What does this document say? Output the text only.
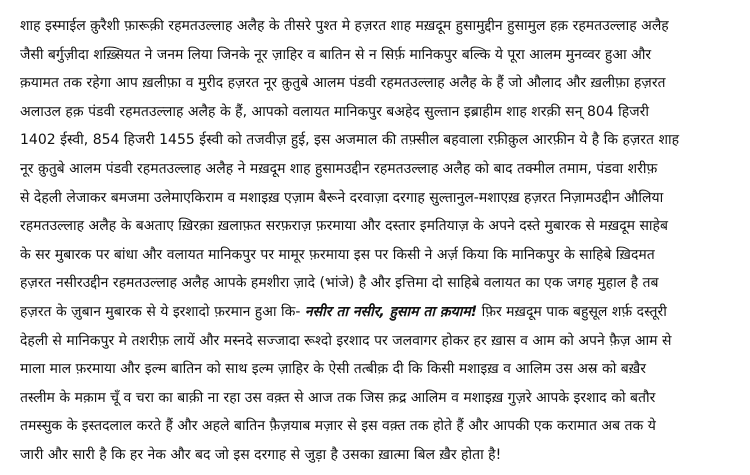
शाह इस्माईल क़ुरैशी फ़ारूक़ी रहमतउल्लाह अलैह के तीसरे पुश्त मे हज़रत शाह मख़दूम हुसामुद्दीन हुसामुल हक़ रहमतउल्लाह अलैह
जैसी बर्गुज़ीदा शख़्सियत ने जनम लिया जिनके नूर ज़ाहिर व बातिन से न सिर्फ़ मानिकपुर बल्कि ये पूरा आलम मुनव्वर हुआ और
क़यामत तक रहेगा आप ख़लीफ़ा व मुरीद हज़रत नूर क़ुतुबे आलम पंडवी रहमतउल्लाह अलैह के हैं जो औलाद और ख़लीफ़ा हज़रत
अलाउल हक़ पंडवी रहमतउल्लाह अलैह के हैं, आपको वलायत मानिकपुर बअहेद सुल्तान इब्राहीम शाह शरक़ी सन् 804 हिजरी
1402 ईस्वी, 854 हिजरी 1455 ईस्वी को तजवीज़ हुई, इस अजमाल की तफ़्सील बहवाला रफ़ीक़ुल आरफ़ीन ये है कि हज़रत शाह
नूर क़ुतुबे आलम पंडवी रहमतउल्लाह अलैह ने मख़दूम शाह हुसामउद्दीन रहमतउल्लाह अलैह को बाद तक्मील तमाम, पंडवा शरीफ़
से देहली लेजाकर बमजमा उलेमाएकिराम व मशाइख़ एज़ाम बैरूने दरवाज़ा दरगाह सुल्तानुल-मशाएख़ हज़रत निज़ामउद्दीन औलिया
रहमतउल्लाह अलैह के बअताए ख़िरक़ा ख़लाफ़त सरफ़राज़ फ़रमाया और दस्तार इमतियाज़ के अपने दस्ते मुबारक से मख़दूम साहेब
के सर मुबारक पर बांधा और वलायत मानिकपुर पर मामूर फ़रमाया इस पर किसी ने अर्ज़ किया कि मानिकपुर के साहिबे ख़िदमत
हज़रत नसीरउद्दीन रहमतउल्लाह अलैह आपके हमशीरा ज़ादे (भांजे) है और इत्तिमा दो साहिबे वलायत का एक जगह मुहाल है तब
हज़रत के ज़ुबान मुबारक से ये इरशादो फ़रमान हुआ कि- नसीर ता नसीर, हुसाम ता क़याम! फ़िर मख़दूम पाक बहुसूल शर्फ़ दस्तूरी
देहली से मानिकपुर मे तशरीफ़ लायें और मस्नदे सज्जादा रूश्दो इरशाद पर जलवागर होकर हर ख़ास व आम को अपने फ़ैज़ आम से
माला माल फ़रमाया और इल्म बातिन को साथ इल्म ज़ाहिर के ऐसी तत्बीक़ दी कि किसी मशाइख़ व आलिम उस अस्र को बख़ैर
तस्लीम के मक़ाम चूँ व चरा का बाक़ी ना रहा उस वक़्त से आज तक जिस क़द्र आलिम व मशाइख़ गुज़रे आपके इरशाद को बतौर
तमस्सुक के इस्तदलाल करते हैं और अहले बातिन फ़ैज़याब मज़ार से इस वक़्त तक होते हैं और आपकी एक करामात अब तक ये
जारी और सारी है कि हर नेक और बद जो इस दरगाह से जुड़ा है उसका ख़ात्मा बिल ख़ैर होता है!
